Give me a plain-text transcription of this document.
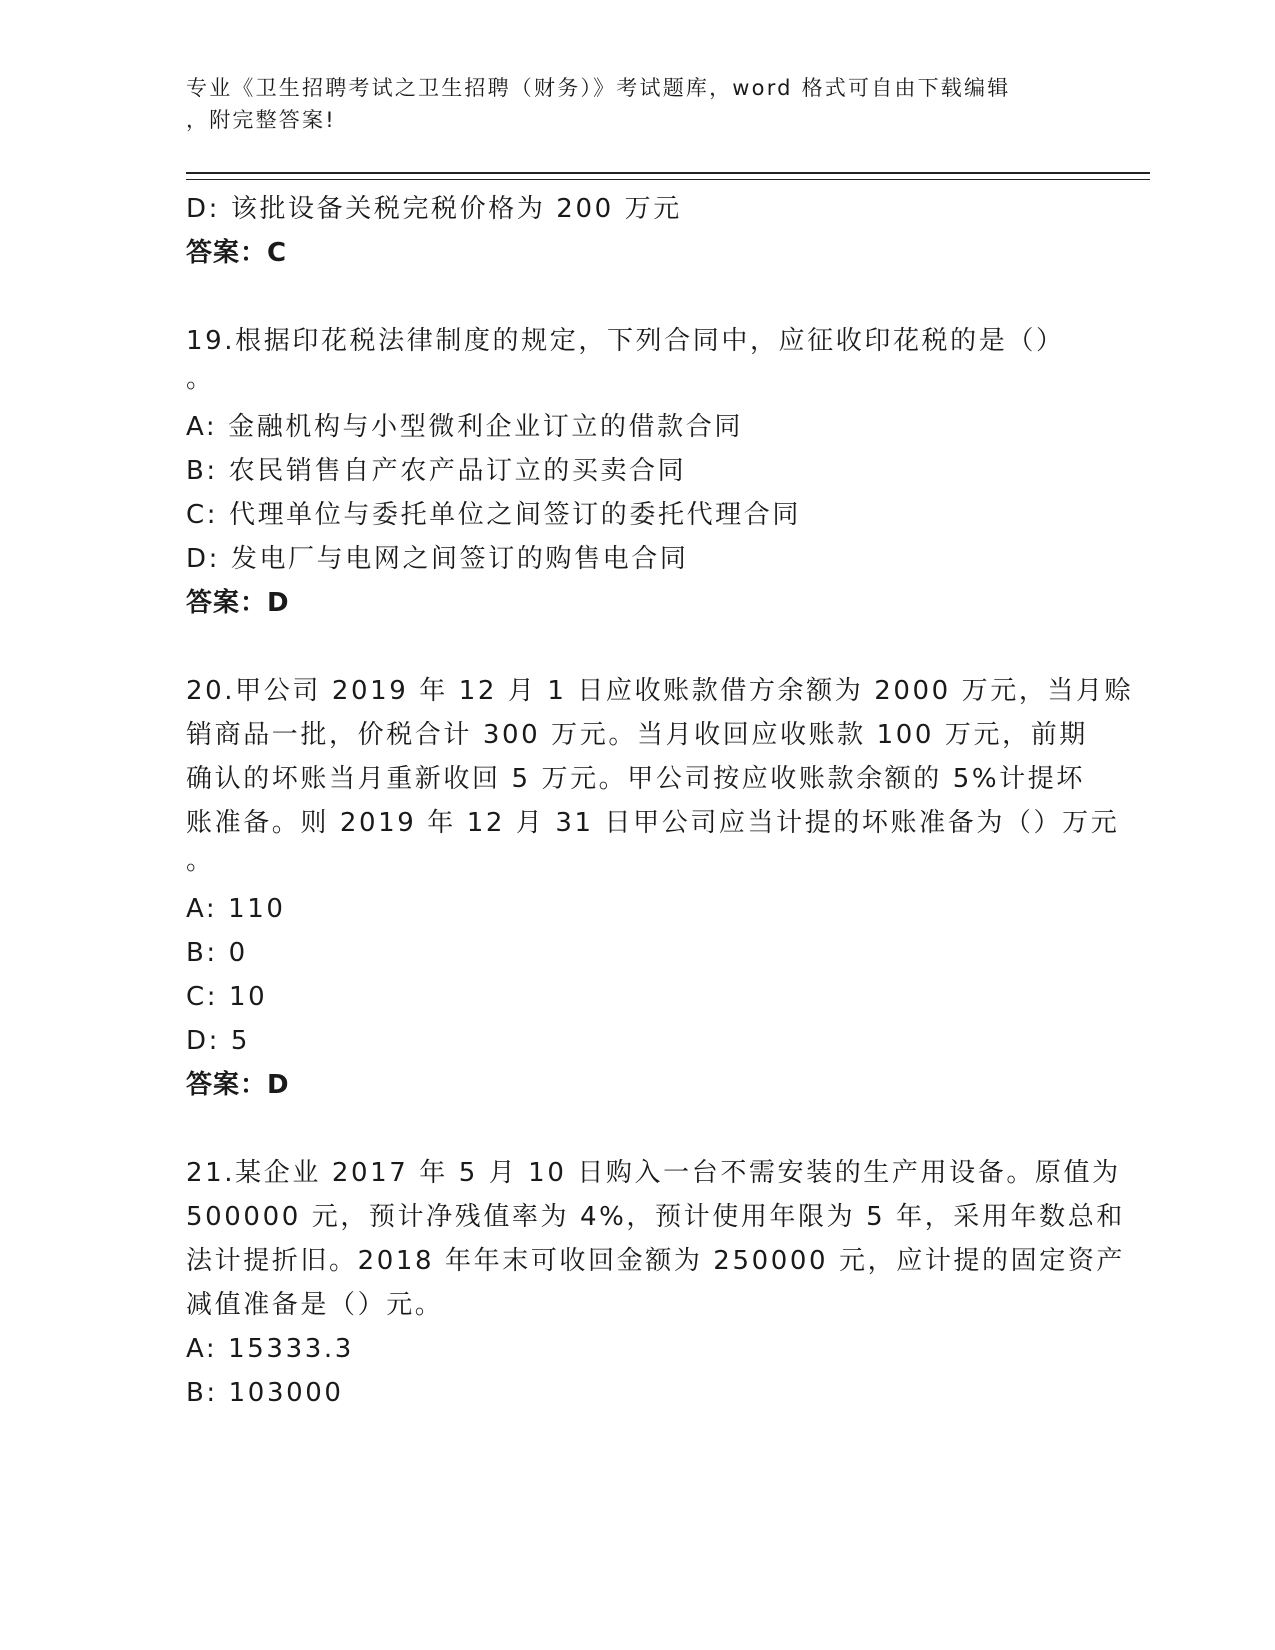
专业《卫生招聘考试之卫生招聘（财务）》考试题库，word 格式可自由下载编辑
，附完整答案!
D: 该批设备关税完税价格为 200 万元
答案：C
19.根据印花税法律制度的规定，下列合同中，应征收印花税的是（）
。
A: 金融机构与小型微利企业订立的借款合同
B: 农民销售自产农产品订立的买卖合同
C: 代理单位与委托单位之间签订的委托代理合同
D: 发电厂与电网之间签订的购售电合同
答案：D
20.甲公司 2019 年 12 月 1 日应收账款借方余额为 2000 万元，当月赊
销商品一批，价税合计 300 万元。当月收回应收账款 100 万元，前期
确认的坏账当月重新收回 5 万元。甲公司按应收账款余额的 5%计提坏
账准备。则 2019 年 12 月 31 日甲公司应当计提的坏账准备为（）万元
。
A: 110
B: 0
C: 10
D: 5
答案：D
21.某企业 2017 年 5 月 10 日购入一台不需安装的生产用设备。原值为
500000 元，预计净残值率为 4%，预计使用年限为 5 年，采用年数总和
法计提折旧。2018 年年末可收回金额为 250000 元，应计提的固定资产
减值准备是（）元。
A: 15333.3
B: 103000
